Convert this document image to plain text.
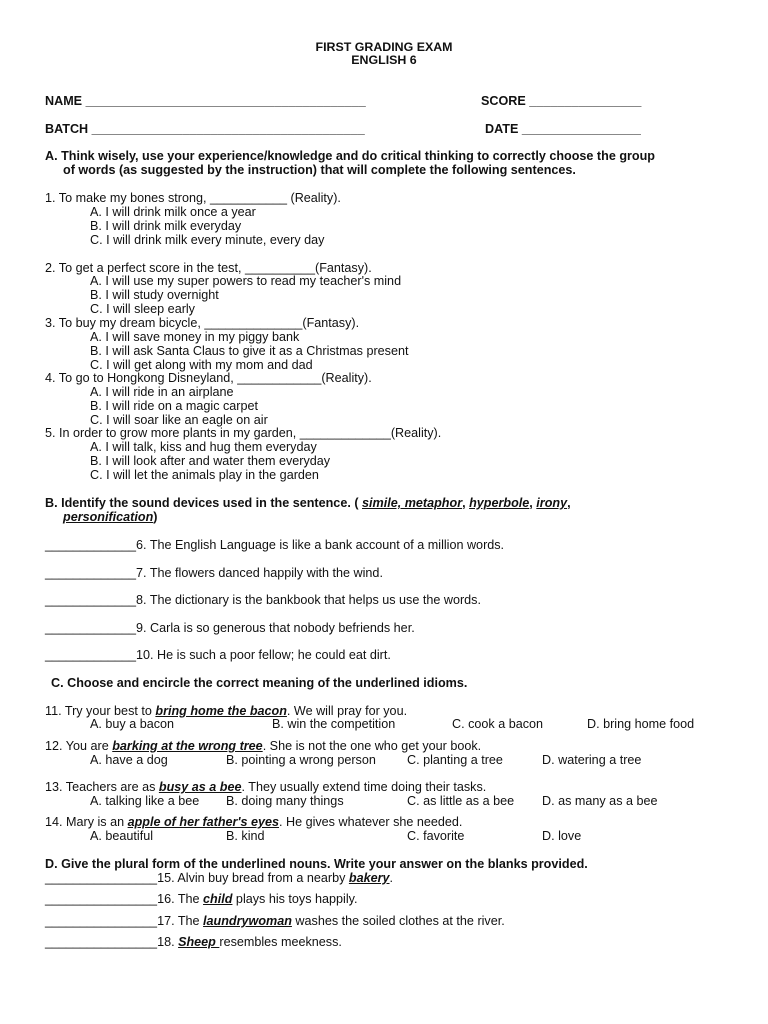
FIRST GRADING EXAM
ENGLISH 6
NAME ________________________________________	SCORE ________________
BATCH _______________________________________	DATE _________________
A. Think wisely, use your experience/knowledge and do critical thinking to correctly choose the group
of words (as suggested by the instruction) that will complete the following sentences.
1. To make my bones strong, ___________ (Reality).
A. I will drink milk once a year
B. I will drink milk everyday
C. I will drink milk every minute, every day
2. To get a perfect score in the test, __________(Fantasy).
A. I will use my super powers to read my teacher's mind
B. I will study overnight
C. I will sleep early
3. To buy my dream bicycle, ______________(Fantasy).
A. I will save money in my piggy bank
B. I will ask Santa Claus to give it as a Christmas present
C. I will get along with my mom and dad
4. To go to Hongkong Disneyland, ____________(Reality).
A. I will ride in an airplane
B. I will ride on a magic carpet
C. I will soar like an eagle on air
5. In order to grow more plants in my garden, _____________(Reality).
A. I will talk, kiss and hug them everyday
B. I will look after and water them everyday
C. I will let the animals play in the garden
B. Identify the sound devices used in the sentence. ( simile, metaphor, hyperbole, irony,
personification)
_____________6. The English Language is like a bank account of a million words.
_____________7. The flowers danced happily with the wind.
_____________8. The dictionary is the bankbook that helps us use the words.
_____________9. Carla is so generous that nobody befriends her.
_____________10. He is such a poor fellow; he could eat dirt.
C. Choose and encircle the correct meaning of the underlined idioms.
11. Try your best to bring home the bacon. We will pray for you.
A. buy a bacon	B. win the competition	C. cook a bacon	D. bring home food
12. You are barking at the wrong tree. She is not the one who get your book.
A. have a dog	B. pointing a wrong person C. planting a tree	D. watering a tree
13. Teachers are as busy as a bee. They usually extend time doing their tasks.
A. talking like a bee B. doing many things	C. as little as a bee D. as many as a bee
14. Mary is an apple of her father's eyes. He gives whatever she needed.
A. beautiful	B. kind	C. favorite	D. love
D. Give the plural form of the underlined nouns. Write your answer on the blanks provided.
________________15. Alvin buy bread from a nearby bakery.
________________16. The child plays his toys happily.
________________17. The laundrywoman washes the soiled clothes at the river.
________________18. Sheep resembles meekness.
